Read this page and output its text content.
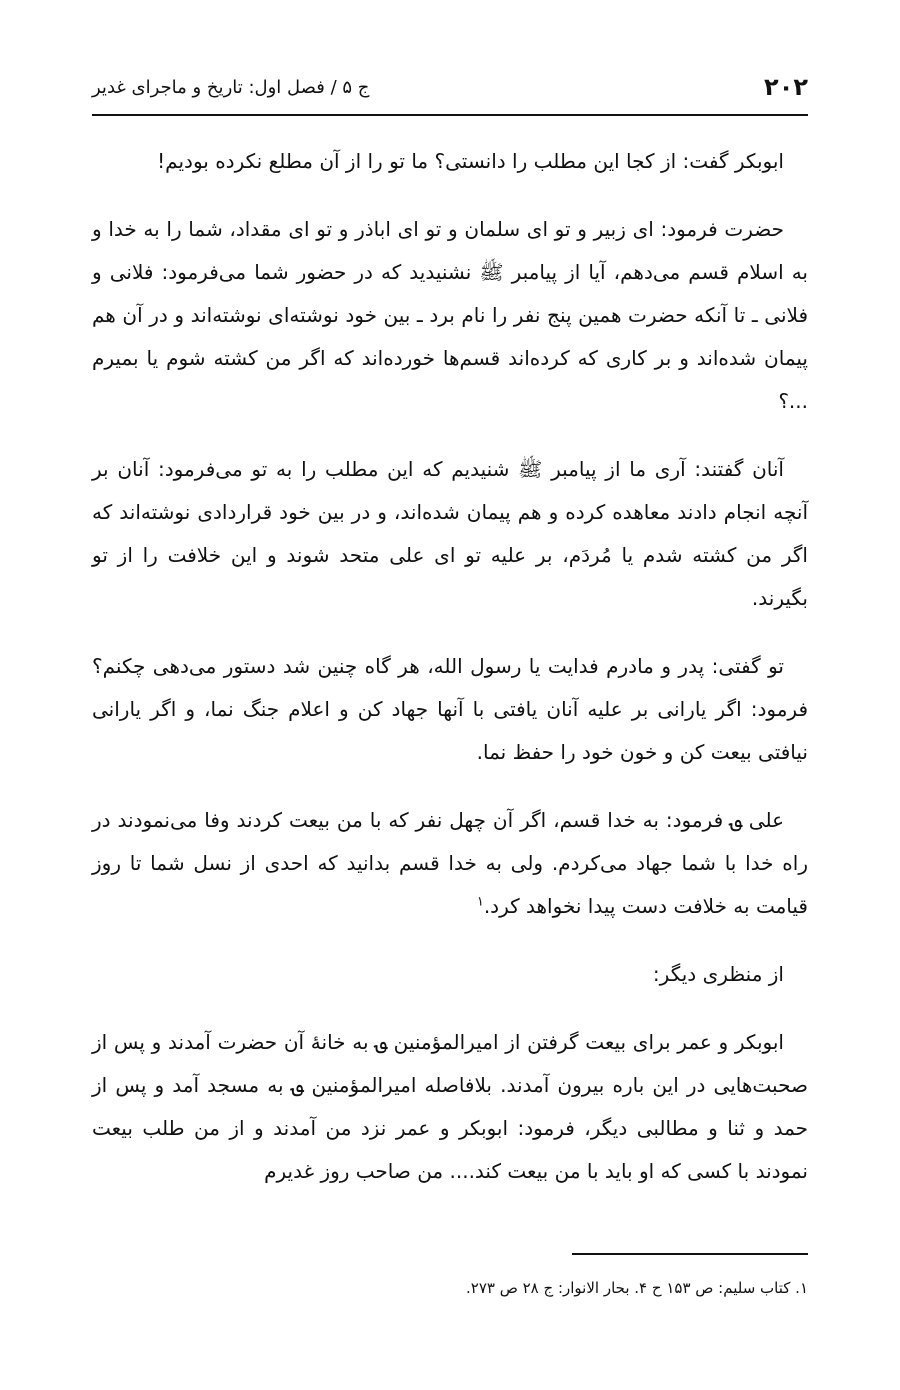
۲۰۲
ج ۵ / فصل اول: تاریخ و ماجرای غدیر

ابوبکر گفت: از کجا این مطلب را دانستی؟ ما تو را از آن مطلع نکرده بودیم!

حضرت فرمود: ای زبیر و تو ای سلمان و تو ای اباذر و تو ای مقداد، شما را به خدا و به اسلام قسم می‌دهم، آیا از پیامبر ﷺ نشنیدید که در حضور شما می‌فرمود: فلانی و فلانی ـ تا آنکه حضرت همین پنج نفر را نام برد ـ بین خود نوشته‌ای نوشته‌اند و در آن هم پیمان شده‌اند و بر کاری که کرده‌اند قسم‌ها خورده‌اند که اگر من کشته شوم یا بمیرم ...؟

آنان گفتند: آری ما از پیامبر ﷺ شنیدیم که این مطلب را به تو می‌فرمود: آنان بر آنچه انجام دادند معاهده کرده و هم پیمان شده‌اند، و در بین خود قراردادی نوشته‌اند که اگر من کشته شدم یا مُردَم، بر علیه تو ای علی متحد شوند و این خلافت را از تو بگیرند.

تو گفتی: پدر و مادرم فدایت یا رسول الله، هر گاه چنین شد دستور می‌دهی چکنم؟ فرمود: اگر یارانی بر علیه آنان یافتی با آنها جهاد کن و اعلام جنگ نما، و اگر یارانی نیافتی بیعت کن و خون خود را حفظ نما.

علی ؈ فرمود: به خدا قسم، اگر آن چهل نفر که با من بیعت کردند وفا می‌نمودند در راه خدا با شما جهاد می‌کردم. ولی به خدا قسم بدانید که احدی از نسل شما تا روز قیامت به خلافت دست پیدا نخواهد کرد.$^۱$

از منظری دیگر:

ابوبکر و عمر برای بیعت گرفتن از امیرالمؤمنین ؈ به خانهٔ آن حضرت آمدند و پس از صحبت‌هایی در این باره بیرون آمدند. بلافاصله امیرالمؤمنین ؈ به مسجد آمد و پس از حمد و ثنا و مطالبی دیگر، فرمود: ابوبکر و عمر نزد من آمدند و از من طلب بیعت نمودند با کسی که او باید با من بیعت کند.... من صاحب روز غدیرم

۱. کتاب سلیم: ص ۱۵۳ ح ۴. بحار الانوار: ج ۲۸ ص ۲۷۳.
